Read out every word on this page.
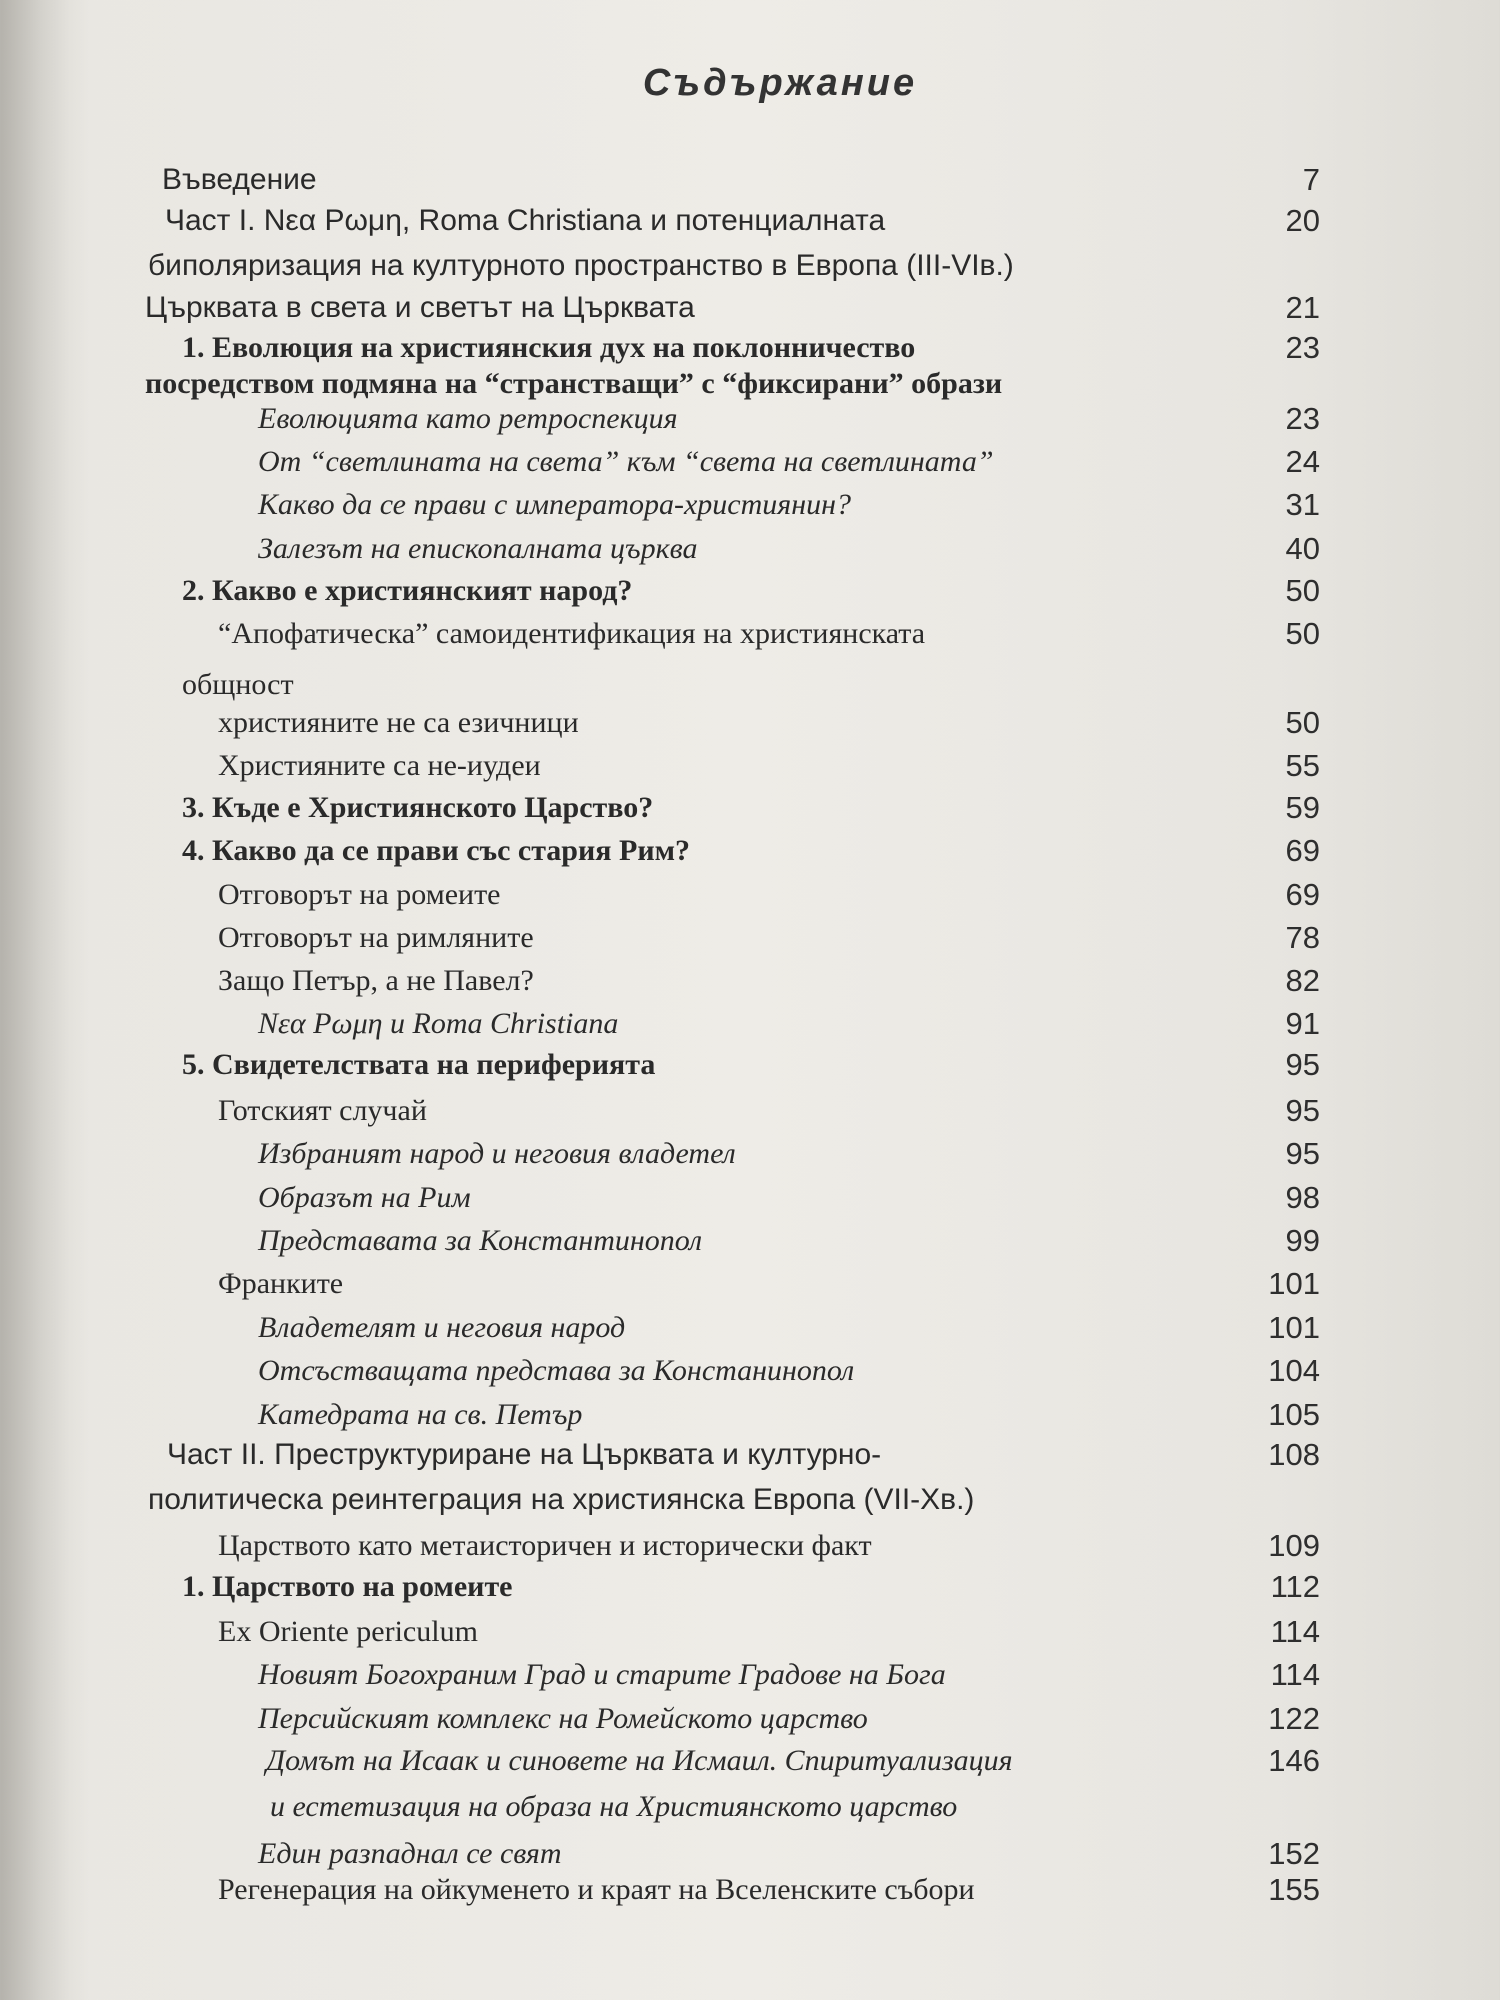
Съдържание
Въведение	7
Част I. Νεα Ρωμη, Roma Christiana и потенциалната	20
биполяризация на културното пространство в Европа (III-VIв.)
Църквата в света и светът на Църквата	21
1. Еволюция на християнския дух на поклонничество	23
посредством подмяна на “странстващи” с “фиксирани” образи
Еволюцията като ретроспекция	23
От “светлината на света” към “света на светлината”	24
Какво да се прави с императора-християнин?	31
Залезът на епископалната църква	40
2. Какво е християнският народ?	50
“Апофатическа” самоидентификация на християнската	50
общност
християните не са езичници	50
Християните са не-иудеи	55
3. Къде е Християнското Царство?	59
4. Какво да се прави със стария Рим?	69
Отговорът на ромеите	69
Отговорът на римляните	78
Защо Петър, а не Павел?	82
Νεα Ρωμη и Roma Christiana	91
5. Свидетелствата на периферията	95
Готският случай	95
Избраният народ и неговия владетел	95
Образът на Рим	98
Представата за Константинопол	99
Франките	101
Владетелят и неговия народ	101
Отсъстващата представа за Констанинопол	104
Катедрата на св. Петър	105
Част II. Преструктуриране на Църквата и културно-	108
политическа реинтеграция на християнска Европа (VII-Хв.)
Царството като метаисторичен и исторически факт	109
1. Царството на ромеите	112
Ex Oriente periculum	114
Новият Богохраним Град и старите Градове на Бога	114
Персийският комплекс на Ромейското царство	122
Домът на Исаак и синовете на Исмаил. Спиритуализация	146
и естетизация на образа на Християнското царство
Един разпаднал се свят	152
Регенерация на ойкуменето и краят на Вселенските събори	155
